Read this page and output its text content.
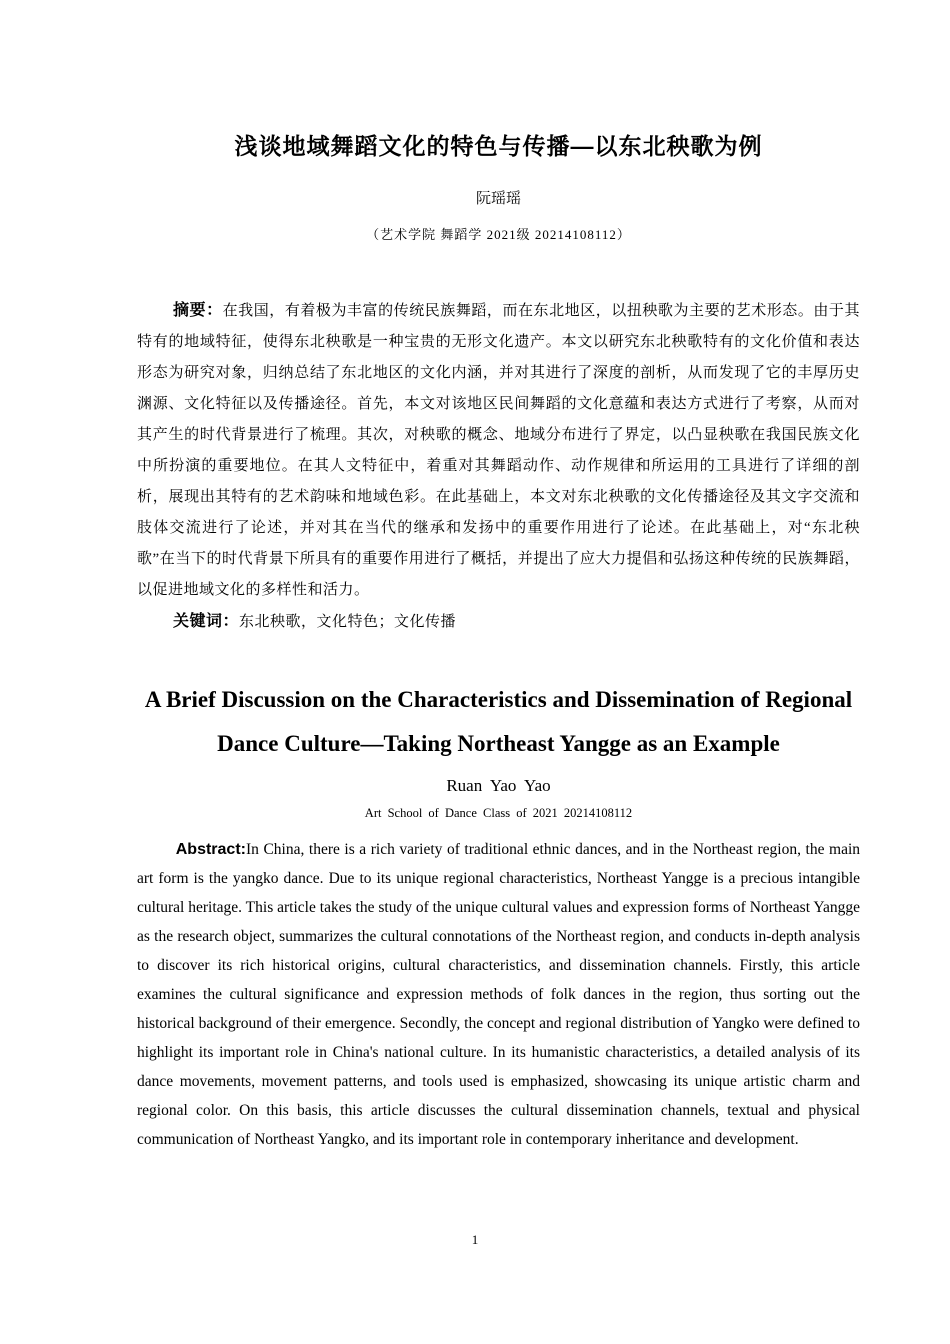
浅谈地域舞蹈文化的特色与传播—以东北秧歌为例
阮瑶瑶
（艺术学院 舞蹈学 2021级 20214108112）

摘要：在我国，有着极为丰富的传统民族舞蹈，而在东北地区，以扭秧歌为主要的艺术形态。由于其特有的地域特征，使得东北秧歌是一种宝贵的无形文化遗产。本文以研究东北秧歌特有的文化价值和表达形态为研究对象，归纳总结了东北地区的文化内涵，并对其进行了深度的剖析，从而发现了它的丰厚历史渊源、文化特征以及传播途径。首先，本文对该地区民间舞蹈的文化意蕴和表达方式进行了考察，从而对其产生的时代背景进行了梳理。其次，对秧歌的概念、地域分布进行了界定，以凸显秧歌在我国民族文化中所扮演的重要地位。在其人文特征中，着重对其舞蹈动作、动作规律和所运用的工具进行了详细的剖析，展现出其特有的艺术韵味和地域色彩。在此基础上，本文对东北秧歌的文化传播途径及其文字交流和肢体交流进行了论述，并对其在当代的继承和发扬中的重要作用进行了论述。在此基础上，对“东北秧歌”在当下的时代背景下所具有的重要作用进行了概括，并提出了应大力提倡和弘扬这种传统的民族舞蹈，以促进地域文化的多样性和活力。

关键词：东北秧歌，文化特色；文化传播

A Brief Discussion on the Characteristics and Dissemination of Regional Dance Culture—Taking Northeast Yangge as an Example
Ruan Yao Yao
Art School of Dance Class of 2021 20214108112

Abstract:In China, there is a rich variety of traditional ethnic dances, and in the Northeast region, the main art form is the yangko dance. Due to its unique regional characteristics, Northeast Yangge is a precious intangible cultural heritage. This article takes the study of the unique cultural values and expression forms of Northeast Yangge as the research object, summarizes the cultural connotations of the Northeast region, and conducts in-depth analysis to discover its rich historical origins, cultural characteristics, and dissemination channels. Firstly, this article examines the cultural significance and expression methods of folk dances in the region, thus sorting out the historical background of their emergence. Secondly, the concept and regional distribution of Yangko were defined to highlight its important role in China's national culture. In its humanistic characteristics, a detailed analysis of its dance movements, movement patterns, and tools used is emphasized, showcasing its unique artistic charm and regional color. On this basis, this article discusses the cultural dissemination channels, textual and physical communication of Northeast Yangko, and its important role in contemporary inheritance and development.

1
